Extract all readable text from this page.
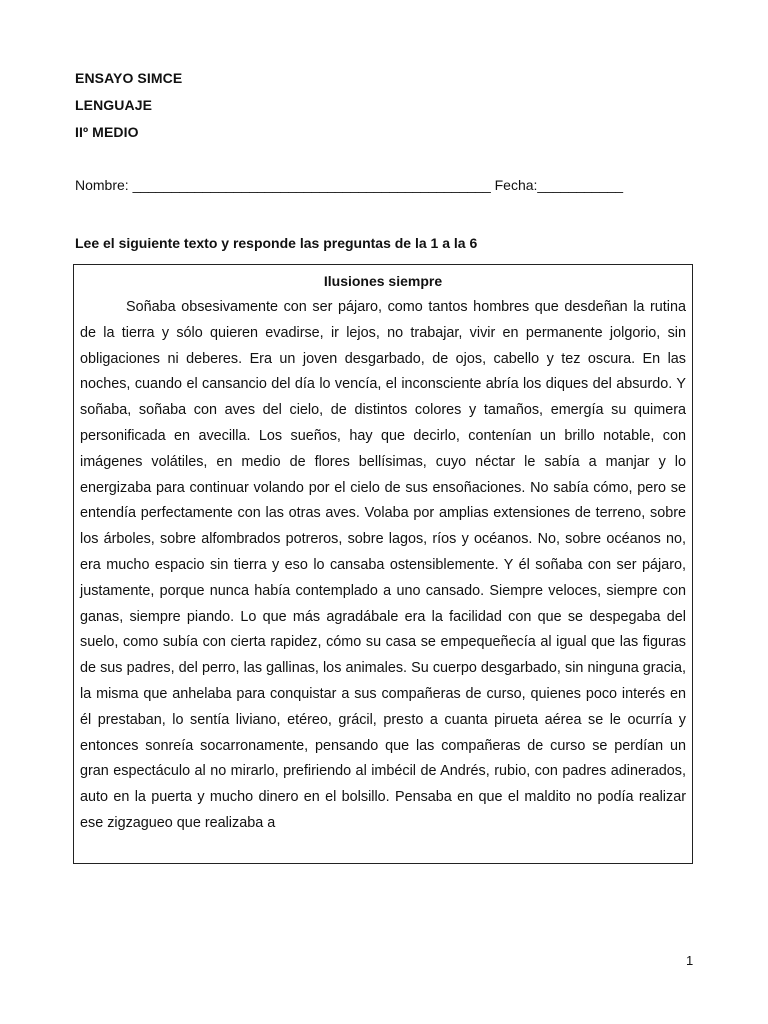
ENSAYO SIMCE
LENGUAJE
IIº MEDIO
Nombre: ______________________________________________ Fecha:___________
Lee el siguiente texto y responde las preguntas de la 1 a la 6
Ilusiones siempre

Soñaba obsesivamente con ser pájaro, como tantos hombres que desdeñan la rutina de la tierra y sólo quieren evadirse, ir lejos, no trabajar, vivir en permanente jolgorio, sin obligaciones ni deberes. Era un joven desgarbado, de ojos, cabello y tez oscura. En las noches, cuando el cansancio del día lo vencía, el inconsciente abría los diques del absurdo. Y soñaba, soñaba con aves del cielo, de distintos colores y tamaños, emergía su quimera personificada en avecilla. Los sueños, hay que decirlo, contenían un brillo notable, con imágenes volátiles, en medio de flores bellísimas, cuyo néctar le sabía a manjar y lo energizaba para continuar volando por el cielo de sus ensoñaciones. No sabía cómo, pero se entendía perfectamente con las otras aves. Volaba por amplias extensiones de terreno, sobre los árboles, sobre alfombrados potreros, sobre lagos, ríos y océanos. No, sobre océanos no, era mucho espacio sin tierra y eso lo cansaba ostensiblemente. Y él soñaba con ser pájaro, justamente, porque nunca había contemplado a uno cansado. Siempre veloces, siempre con ganas, siempre piando. Lo que más agradábale era la facilidad con que se despegaba del suelo, como subía con cierta rapidez, cómo su casa se empequeñecía al igual que las figuras de sus padres, del perro, las gallinas, los animales. Su cuerpo desgarbado, sin ninguna gracia, la misma que anhelaba para conquistar a sus compañeras de curso, quienes poco interés en él prestaban, lo sentía liviano, etéreo, grácil, presto a cuanta pirueta aérea se le ocurría y entonces sonreía socarronamente, pensando que las compañeras de curso se perdían un gran espectáculo al no mirarlo, prefiriendo al imbécil de Andrés, rubio, con padres adinerados, auto en la puerta y mucho dinero en el bolsillo. Pensaba en que el maldito no podía realizar ese zigzagueo que realizaba a

1
